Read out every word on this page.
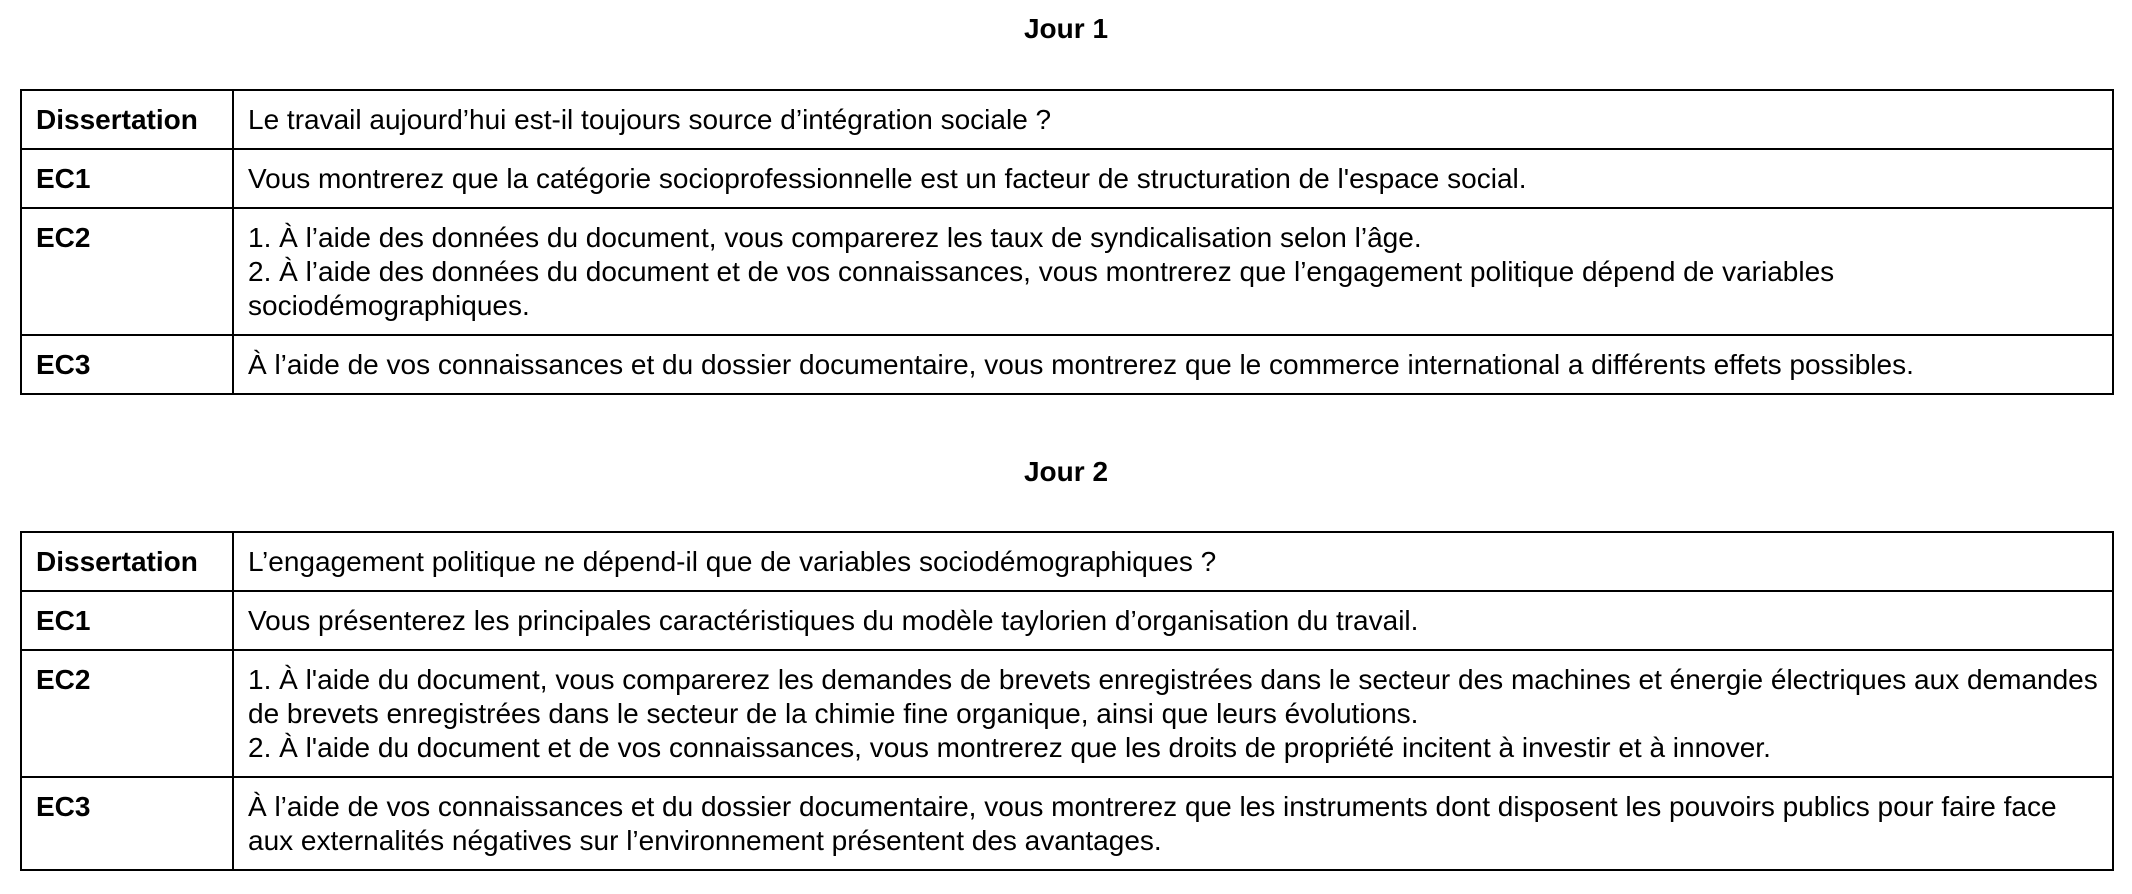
Jour 1
Dissertation	Le travail aujourd’hui est-il toujours source d’intégration sociale ?

EC1	Vous montrerez que la catégorie socioprofessionnelle est un facteur de structuration de l'espace social.

EC2	1. À l’aide des données du document, vous comparerez les taux de syndicalisation selon l’âge.
2. À l’aide des données du document et de vos connaissances, vous montrerez que l’engagement politique dépend de variables sociodémographiques.

EC3	À l’aide de vos connaissances et du dossier documentaire, vous montrerez que le commerce international a différents effets possibles.
Jour 2
Dissertation	L’engagement politique ne dépend-il que de variables sociodémographiques ?

EC1	Vous présenterez les principales caractéristiques du modèle taylorien d’organisation du travail.

EC2	1. À l'aide du document, vous comparerez les demandes de brevets enregistrées dans le secteur des machines et énergie électriques aux demandes de brevets enregistrées dans le secteur de la chimie fine organique, ainsi que leurs évolutions.
2. À l'aide du document et de vos connaissances, vous montrerez que les droits de propriété incitent à investir et à innover.

EC3	À l’aide de vos connaissances et du dossier documentaire, vous montrerez que les instruments dont disposent les pouvoirs publics pour faire face aux externalités négatives sur l’environnement présentent des avantages.
